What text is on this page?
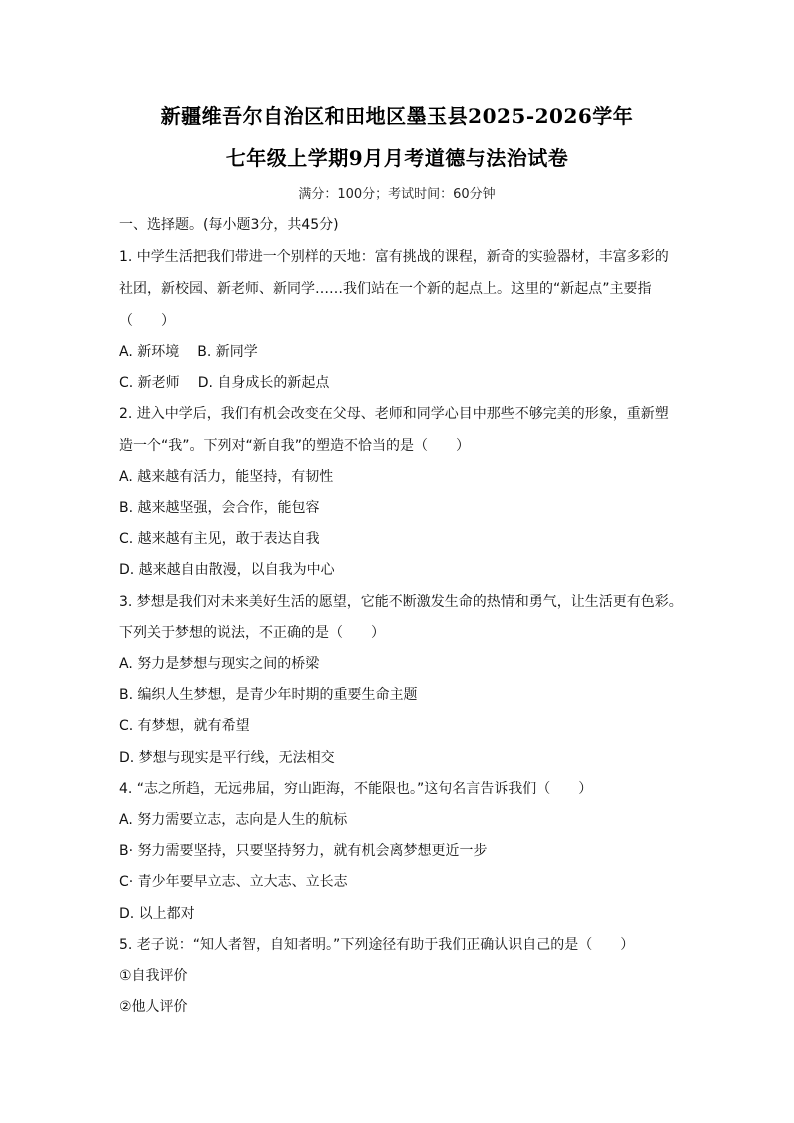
新疆维吾尔自治区和田地区墨玉县2025-2026学年
七年级上学期9月月考道德与法治试卷
满分：100分；考试时间：60分钟
一、选择题。(每小题3分，共45分)
1. 中学生活把我们带进一个别样的天地：富有挑战的课程，新奇的实验器材，丰富多彩的
社团，新校园、新老师、新同学……我们站在一个新的起点上。这里的“新起点”主要指
（　　）
A. 新环境 B. 新同学
C. 新老师 D. 自身成长的新起点
2. 进入中学后，我们有机会改变在父母、老师和同学心目中那些不够完美的形象，重新塑
造一个“我”。下列对“新自我”的塑造不恰当的是（　　）
A. 越来越有活力，能坚持，有韧性
B. 越来越坚强，会合作，能包容
C. 越来越有主见，敢于表达自我
D. 越来越自由散漫，以自我为中心
3. 梦想是我们对未来美好生活的愿望，它能不断激发生命的热情和勇气，让生活更有色彩。
下列关于梦想的说法，不正确的是（　　）
A. 努力是梦想与现实之间的桥梁
B. 编织人生梦想，是青少年时期的重要生命主题
C. 有梦想，就有希望
D. 梦想与现实是平行线，无法相交
4. “志之所趋，无远弗届，穷山距海，不能限也。”这句名言告诉我们（　　）
A. 努力需要立志，志向是人生的航标
B· 努力需要坚持，只要坚持努力，就有机会离梦想更近一步
C· 青少年要早立志、立大志、立长志
D. 以上都对
5. 老子说：“知人者智，自知者明。”下列途径有助于我们正确认识自己的是（　　）
①自我评价
②他人评价
